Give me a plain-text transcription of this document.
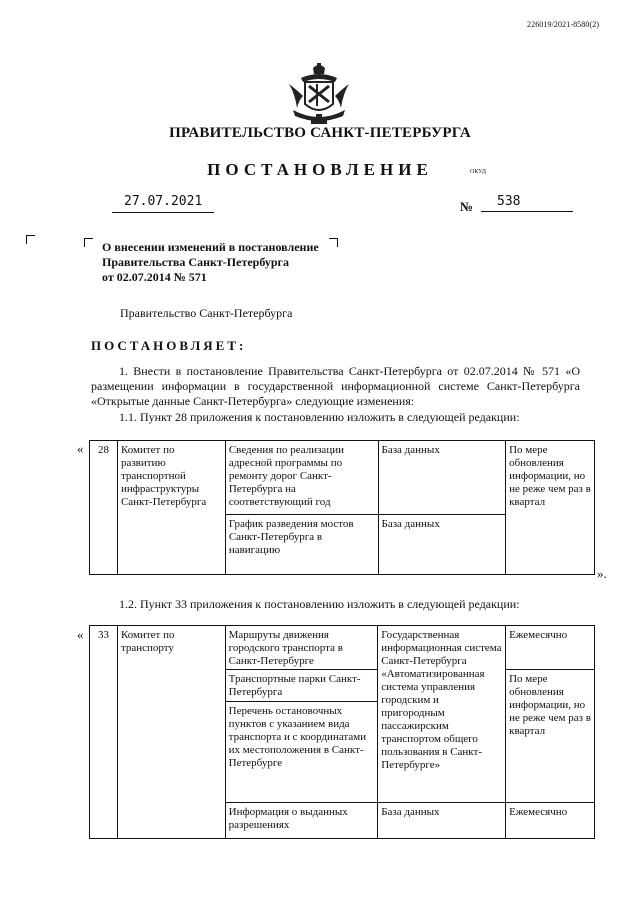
226019/2021-8580(2)
ПРАВИТЕЛЬСТВО САНКТ-ПЕТЕРБУРГА
ПОСТАНОВЛЕНИЕ	ОКУД
27.07.2021	№	538
О внесении изменений в постановление
Правительства Санкт-Петербурга
от 02.07.2014 № 571
Правительство Санкт-Петербурга
ПОСТАНОВЛЯЕТ:
1. Внести в постановление Правительства Санкт-Петербурга от 02.07.2014 № 571 «О размещении информации в государственной информационной системе Санкт-Петербурга «Открытые данные Санкт-Петербурга» следующие изменения:
1.1. Пункт 28 приложения к постановлению изложить в следующей редакции:
« 28	Комитет по развитию транспортной инфраструктуры Санкт-Петербурга	Сведения по реализации адресной программы по ремонту дорог Санкт-Петербурга на соответствующий год	База данных	По мере обновления информации, но не реже чем раз в квартал
		График разведения мостов Санкт-Петербурга в навигацию	База данных	
».
1.2. Пункт 33 приложения к постановлению изложить в следующей редакции:
« 33	Комитет по транспорту	Маршруты движения городского транспорта в Санкт-Петербурге	Государственная информационная система Санкт-Петербурга «Автоматизированная система управления городским и пригородным пассажирским транспортом общего пользования в Санкт-Петербурге»	Ежемесячно
		Транспортные парки Санкт-Петербурга		По мере обновления информации, но не реже чем раз в квартал
		Перечень остановочных пунктов с указанием вида транспорта и с координатами их местоположения в Санкт-Петербурге		
		Информация о выданных разрешениях	База данных	Ежемесячно
